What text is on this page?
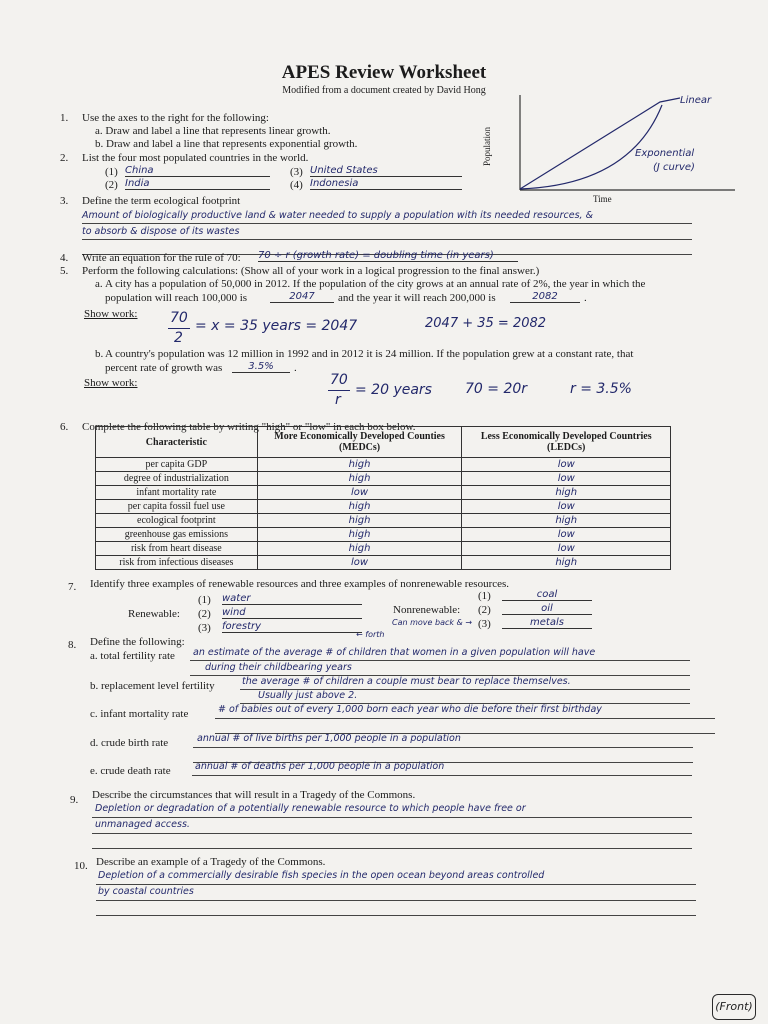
APES Review Worksheet
Modified from a document created by David Hong
Population
Time
Linear
Exponential
(J curve)
1. Use the axes to the right for the following:
a. Draw and label a line that represents linear growth.
b. Draw and label a line that represents exponential growth.
2. List the four most populated countries in the world.
(1) China
(2) India
(3) United States
(4) Indonesia
3. Define the term ecological footprint
Amount of biologically productive land & water needed to supply a population with its needed resources, &
to absorb & dispose of its wastes
4. Write an equation for the rule of 70: 70 ÷ r (growth rate) = doubling time (in years)
5. Perform the following calculations: (Show all of your work in a logical progression to the final answer.)
a. A city has a population of 50,000 in 2012. If the population of the city grows at an annual rate of 2%, the year in which the
population will reach 100,000 is	2047	and the year it will reach 200,000 is	2082	.
Show work: 70
2
= x = 35 years = 2047	2047 + 35 = 2082
b. A country's population was 12 million in 1992 and in 2012 it is 24 million. If the population grew at a constant rate, that
percent rate of growth was	3.5%	.
Show work:	70
r
= 20 years 70 = 20r	r = 3.5%
6. Complete the following table by writing "high" or "low" in each box below.
Characteristic	More Economically Developed Counties (MEDCs)	Less Economically Developed Countries (LEDCs)
per capita GDP	high	low
degree of industrialization	high	low
infant mortality rate	low	high
per capita fossil fuel use	high	low
ecological footprint	high	high
greenhouse gas emissions	high	low
risk from heart disease	high	low
risk from infectious diseases	low	high
7. Identify three examples of renewable resources and three examples of nonrenewable resources.
Renewable:
(1) water
(2) wind
(3) forestry
Nonrenewable:
(1)	coal
(2)	oil
(3)	metals
Can move back & →
← forth
8. Define the following:
a. total fertility rate an estimate of the average # of children that women in a given population will have
during their childbearing years
b. replacement level fertility	the average # of children a couple must bear to replace themselves.
Usually just above 2.
c. infant mortality rate	# of babies out of every 1,000 born each year who die before their first birthday
d. crude birth rate	annual # of live births per 1,000 people in a population
e. crude death rate	annual # of deaths per 1,000 people in a population
9. Describe the circumstances that will result in a Tragedy of the Commons.
Depletion or degradation of a potentially renewable resource to which people have free or
unmanaged access.
10. Describe an example of a Tragedy of the Commons.
Depletion of a commercially desirable fish species in the open ocean beyond areas controlled
by coastal countries
(Front)
